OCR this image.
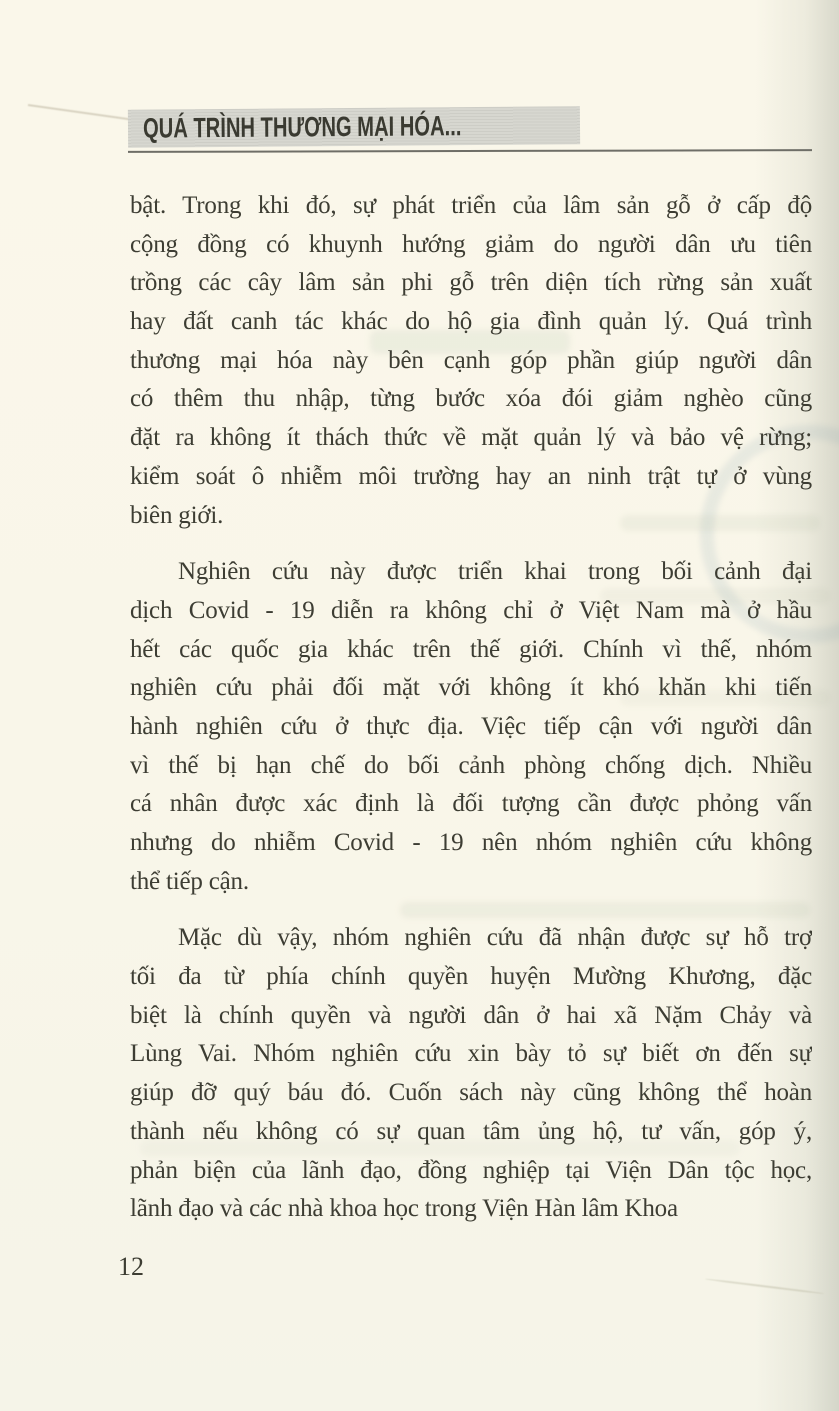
QUÁ TRÌNH THƯƠNG MẠI HÓA...
bật. Trong khi đó, sự phát triển của lâm sản gỗ ở cấp độ
cộng đồng có khuynh hướng giảm do người dân ưu tiên
trồng các cây lâm sản phi gỗ trên diện tích rừng sản xuất
hay đất canh tác khác do hộ gia đình quản lý. Quá trình
thương mại hóa này bên cạnh góp phần giúp người dân
có thêm thu nhập, từng bước xóa đói giảm nghèo cũng
đặt ra không ít thách thức về mặt quản lý và bảo vệ rừng;
kiểm soát ô nhiễm môi trường hay an ninh trật tự ở vùng
biên giới.
Nghiên cứu này được triển khai trong bối cảnh đại
dịch Covid - 19 diễn ra không chỉ ở Việt Nam mà ở hầu
hết các quốc gia khác trên thế giới. Chính vì thế, nhóm
nghiên cứu phải đối mặt với không ít khó khăn khi tiến
hành nghiên cứu ở thực địa. Việc tiếp cận với người dân
vì thế bị hạn chế do bối cảnh phòng chống dịch. Nhiều
cá nhân được xác định là đối tượng cần được phỏng vấn
nhưng do nhiễm Covid - 19 nên nhóm nghiên cứu không
thể tiếp cận.
Mặc dù vậy, nhóm nghiên cứu đã nhận được sự hỗ trợ
tối đa từ phía chính quyền huyện Mường Khương, đặc
biệt là chính quyền và người dân ở hai xã Nặm Chảy và
Lùng Vai. Nhóm nghiên cứu xin bày tỏ sự biết ơn đến sự
giúp đỡ quý báu đó. Cuốn sách này cũng không thể hoàn
thành nếu không có sự quan tâm ủng hộ, tư vấn, góp ý,
phản biện của lãnh đạo, đồng nghiệp tại Viện Dân tộc học,
lãnh đạo và các nhà khoa học trong Viện Hàn lâm Khoa
12
